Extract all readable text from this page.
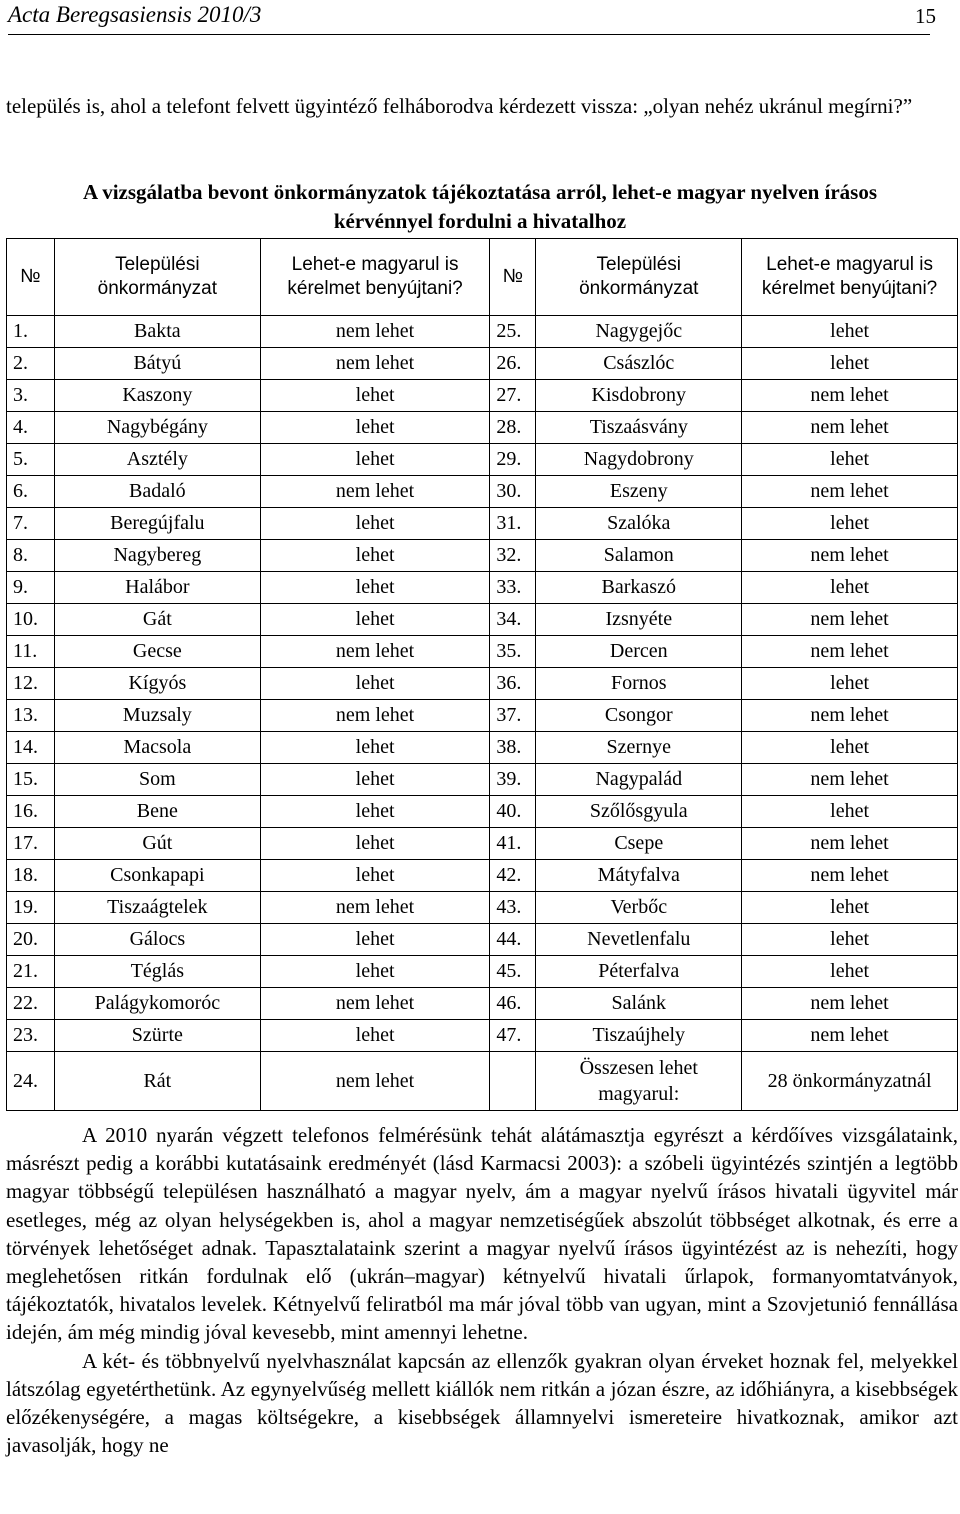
Acta Beregsasiensis 2010/3	15
település is, ahol a telefont felvett ügyintéző felháborodva kérdezett vissza: „olyan nehéz ukránul megírni?”
A vizsgálatba bevont önkormányzatok tájékoztatása arról, lehet-e magyar nyelven írásos
kérvénnyel fordulni a hivatalhoz
№	Települési önkormányzat	Lehet-e magyarul is kérelmet benyújtani?	№	Települési önkormányzat	Lehet-e magyarul is kérelmet benyújtani?
1.	Bakta	nem lehet	25.	Nagygejőc	lehet
2.	Bátyú	nem lehet	26.	Császlóc	lehet
3.	Kaszony	lehet	27.	Kisdobrony	nem lehet
4.	Nagybégány	lehet	28.	Tiszaásvány	nem lehet
5.	Asztély	lehet	29.	Nagydobrony	lehet
6.	Badaló	nem lehet	30.	Eszeny	nem lehet
7.	Beregújfalu	lehet	31.	Szalóka	lehet
8.	Nagybereg	lehet	32.	Salamon	nem lehet
9.	Halábor	lehet	33.	Barkaszó	lehet
10.	Gát	lehet	34.	Izsnyéte	nem lehet
11.	Gecse	nem lehet	35.	Dercen	nem lehet
12.	Kígyós	lehet	36.	Fornos	lehet
13.	Muzsaly	nem lehet	37.	Csongor	nem lehet
14.	Macsola	lehet	38.	Szernye	lehet
15.	Som	lehet	39.	Nagypalád	nem lehet
16.	Bene	lehet	40.	Szőlősgyula	lehet
17.	Gút	lehet	41.	Csepe	nem lehet
18.	Csonkapapi	lehet	42.	Mátyfalva	nem lehet
19.	Tiszaágtelek	nem lehet	43.	Verbőc	lehet
20.	Gálocs	lehet	44.	Nevetlenfalu	lehet
21.	Téglás	lehet	45.	Péterfalva	lehet
22.	Palágykomoróc	nem lehet	46.	Salánk	nem lehet
23.	Szürte	lehet	47.	Tiszaújhely	nem lehet
24.	Rát	nem lehet		Összesen lehet magyarul:	28 önkormányzatnál

A 2010 nyarán végzett telefonos felmérésünk tehát alátámasztja egyrészt a kérdőíves vizsgálataink, másrészt pedig a korábbi kutatásaink eredményét (lásd Karmacsi 2003): a szóbeli ügyintézés szintjén a legtöbb magyar többségű településen használható a magyar nyelv, ám a magyar nyelvű írásos hivatali ügyvitel már esetleges, még az olyan helységekben is, ahol a magyar nemzetiségűek abszolút többséget alkotnak, és erre a törvények lehetőséget adnak. Tapasztalataink szerint a magyar nyelvű írásos ügyintézést az is nehezíti, hogy meglehetősen ritkán fordulnak elő (ukrán–magyar) kétnyelvű hivatali űrlapok, formanyomtatványok, tájékoztatók, hivatalos levelek. Kétnyelvű feliratból ma már jóval több van ugyan, mint a Szovjetunió fennállása idején, ám még mindig jóval kevesebb, mint amennyi lehetne.

A két- és többnyelvű nyelvhasználat kapcsán az ellenzők gyakran olyan érveket hoznak fel, melyekkel látszólag egyetérthetünk. Az egynyelvűség mellett kiállók nem ritkán a józan észre, az időhiányra, a kisebbségek előzékenységére, a magas költségekre, a kisebbségek államnyelvi ismereteire hivatkoznak, amikor azt javasolják, hogy ne
